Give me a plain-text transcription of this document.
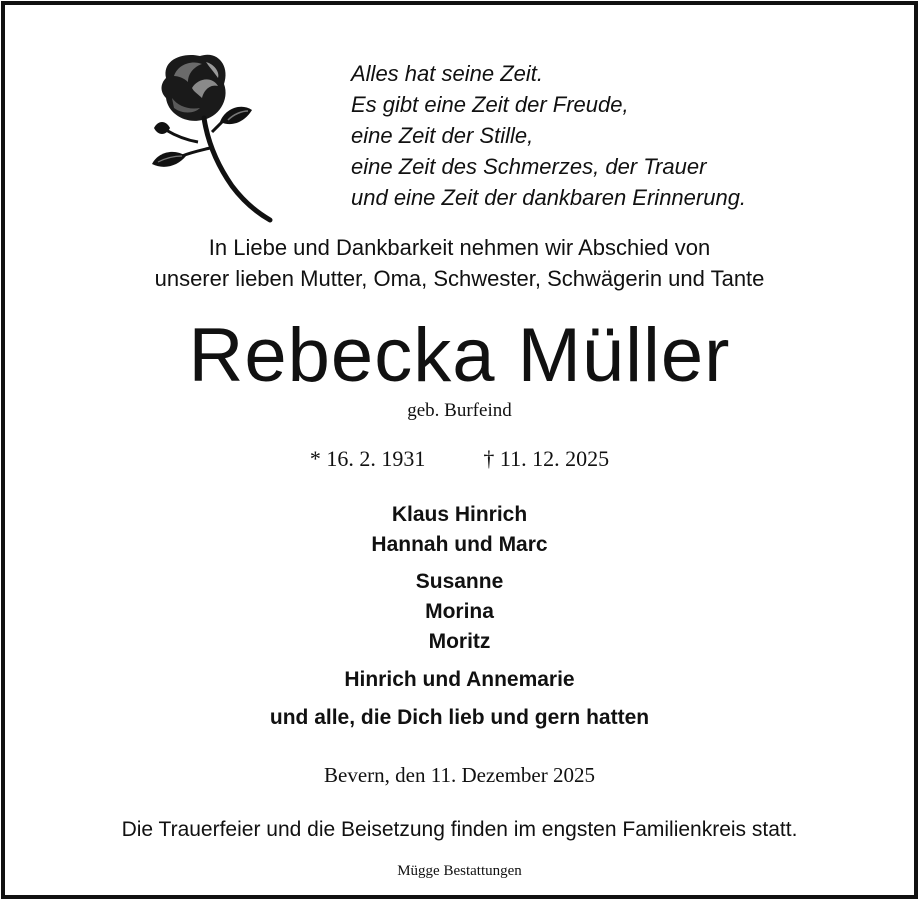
Alles hat seine Zeit.
Es gibt eine Zeit der Freude,
eine Zeit der Stille,
eine Zeit des Schmerzes, der Trauer
und eine Zeit der dankbaren Erinnerung.
In Liebe und Dankbarkeit nehmen wir Abschied von
unserer lieben Mutter, Oma, Schwester, Schwägerin und Tante
Rebecka Müller
geb. Burfeind
* 16. 2. 1931	† 11. 12. 2025
Klaus Hinrich
Hannah und Marc
Susanne
Morina
Moritz
Hinrich und Annemarie
und alle, die Dich lieb und gern hatten
Bevern, den 11. Dezember 2025
Die Trauerfeier und die Beisetzung finden im engsten Familienkreis statt.
Mügge Bestattungen
